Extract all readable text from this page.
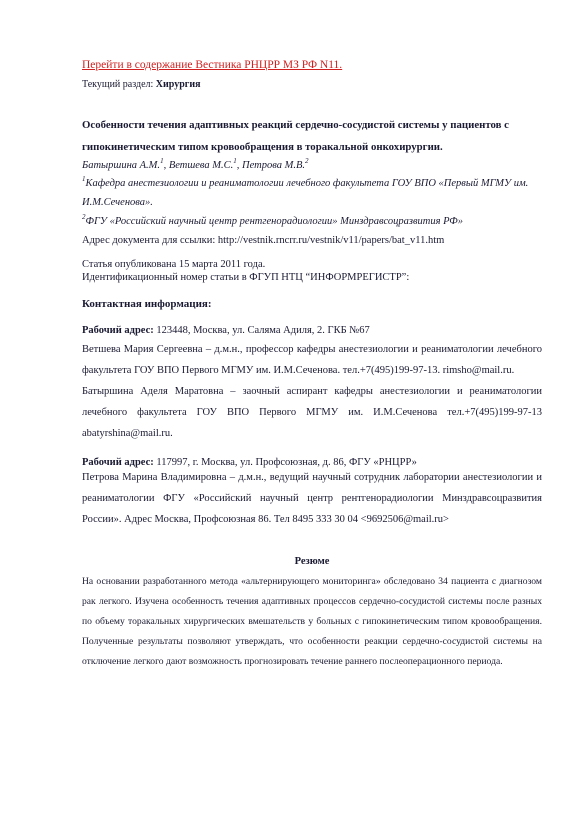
Перейти в содержание Вестника РНЦРР МЗ РФ N11.
Текущий раздел: Хирургия
Особенности течения адаптивных реакций сердечно-сосудистой системы у пациентов с гипокинетическим типом кровообращения в торакальной онкохирургии.
Батыршина А.М.$^1$, Ветшева М.С.$^1$, Петрова М.В.$^2$
$^1$Кафедра анестезиологии и реаниматологии лечебного факультета ГОУ ВПО «Первый МГМУ им. И.М.Сеченова».
$^2$ФГУ «Российский научный центр рентгенорадиологии» Минздравсоцразвития РФ»
Адрес документа для ссылки: http://vestnik.rncrr.ru/vestnik/v11/papers/bat_v11.htm
Статья опубликована 15 марта 2011 года.
Идентификационный номер статьи в ФГУП НТЦ “ИНФОРМРЕГИСТР”:
Контактная информация:
Рабочий адрес: 123448, Москва, ул. Саляма Адиля, 2. ГКБ №67
Ветшева Мария Сергеевна – д.м.н., профессор кафедры анестезиологии и реаниматологии лечебного факультета ГОУ ВПО Первого МГМУ им. И.М.Сеченова. тел.+7(495)199-97-13. rimsho@mail.ru.
Батыршина Аделя Маратовна – заочный аспирант кафедры анестезиологии и реаниматологии лечебного факультета ГОУ ВПО Первого МГМУ им. И.М.Сеченова тел.+7(495)199-97-13 abatyrshina@mail.ru.
Рабочий адрес: 117997, г. Москва, ул. Профсоюзная, д. 86, ФГУ «РНЦРР»
Петрова Марина Владимировна – д.м.н., ведущий научный сотрудник лаборатории анестезиологии и реаниматологии ФГУ «Российский научный центр рентгенорадиологии Минздравсоцразвития России». Адрес Москва, Профсоюзная 86. Тел 8495 333 30 04 <9692506@mail.ru>
Резюме
На основании разработанного метода «альтернирующего мониторинга» обследовано 34 пациента с диагнозом рак легкого. Изучена особенность течения адаптивных процессов сердечно-сосудистой системы после разных по объему торакальных хирургических вмешательств у больных с гипокинетическим типом кровообращения. Полученные результаты позволяют утверждать, что особенности реакции сердечно-сосудистой системы на отключение легкого дают возможность прогнозировать течение раннего послеоперационного периода.
